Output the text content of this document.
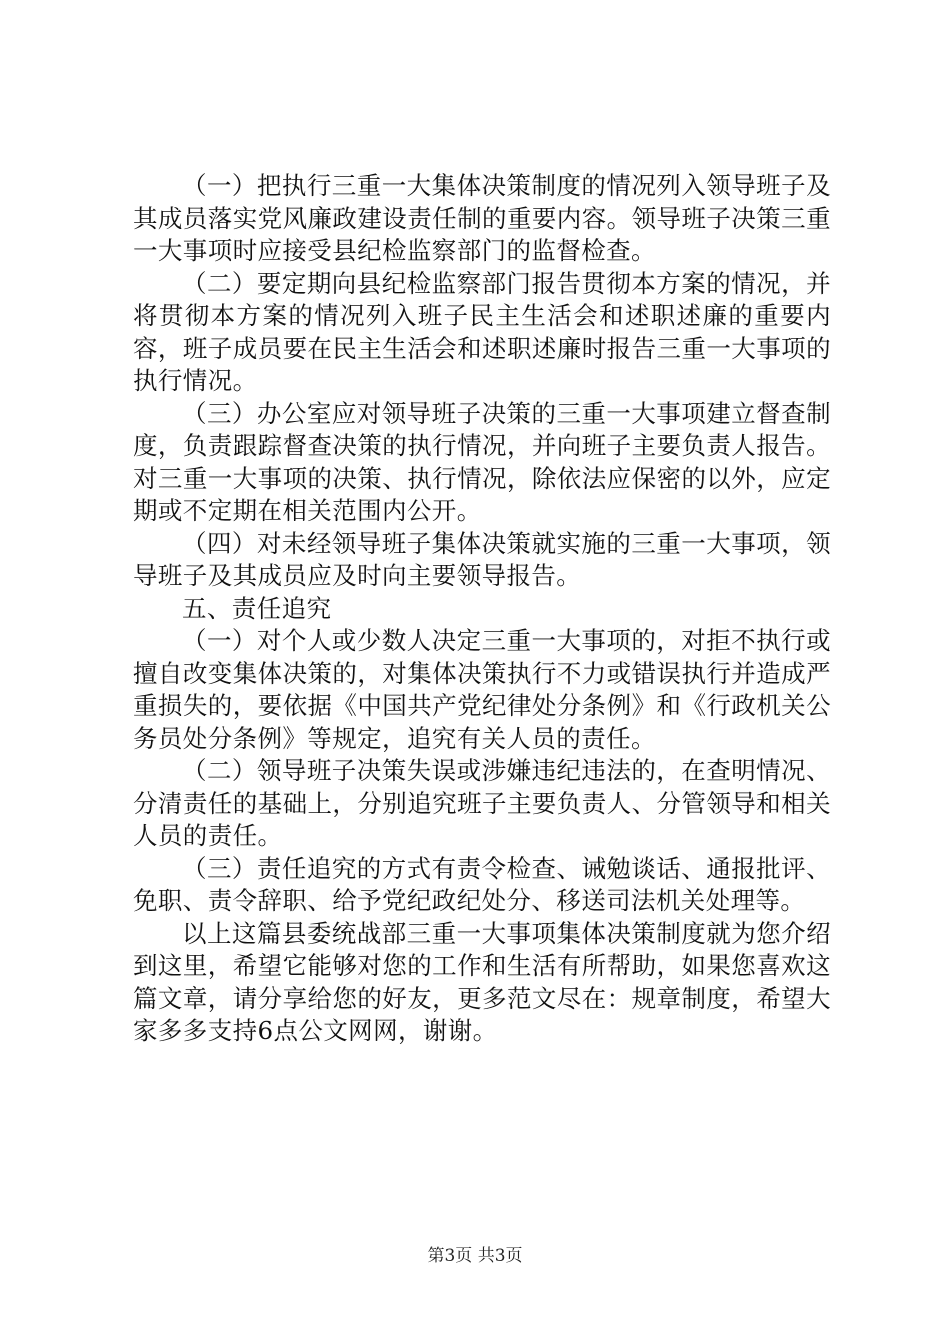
（一）把执行三重一大集体决策制度的情况列入领导班子及其成员落实党风廉政建设责任制的重要内容。领导班子决策三重一大事项时应接受县纪检监察部门的监督检查。

（二）要定期向县纪检监察部门报告贯彻本方案的情况，并将贯彻本方案的情况列入班子民主生活会和述职述廉的重要内容，班子成员要在民主生活会和述职述廉时报告三重一大事项的执行情况。

（三）办公室应对领导班子决策的三重一大事项建立督查制度，负责跟踪督查决策的执行情况，并向班子主要负责人报告。对三重一大事项的决策、执行情况，除依法应保密的以外，应定期或不定期在相关范围内公开。

（四）对未经领导班子集体决策就实施的三重一大事项，领导班子及其成员应及时向主要领导报告。

五、责任追究

（一）对个人或少数人决定三重一大事项的，对拒不执行或擅自改变集体决策的，对集体决策执行不力或错误执行并造成严重损失的，要依据《中国共产党纪律处分条例》和《行政机关公务员处分条例》等规定，追究有关人员的责任。

（二）领导班子决策失误或涉嫌违纪违法的，在查明情况、分清责任的基础上，分别追究班子主要负责人、分管领导和相关人员的责任。

（三）责任追究的方式有责令检查、诫勉谈话、通报批评、免职、责令辞职、给予党纪政纪处分、移送司法机关处理等。

以上这篇县委统战部三重一大事项集体决策制度就为您介绍到这里，希望它能够对您的工作和生活有所帮助，如果您喜欢这篇文章，请分享给您的好友，更多范文尽在：规章制度，希望大家多多支持6点公文网网，谢谢。

第3页 共3页
